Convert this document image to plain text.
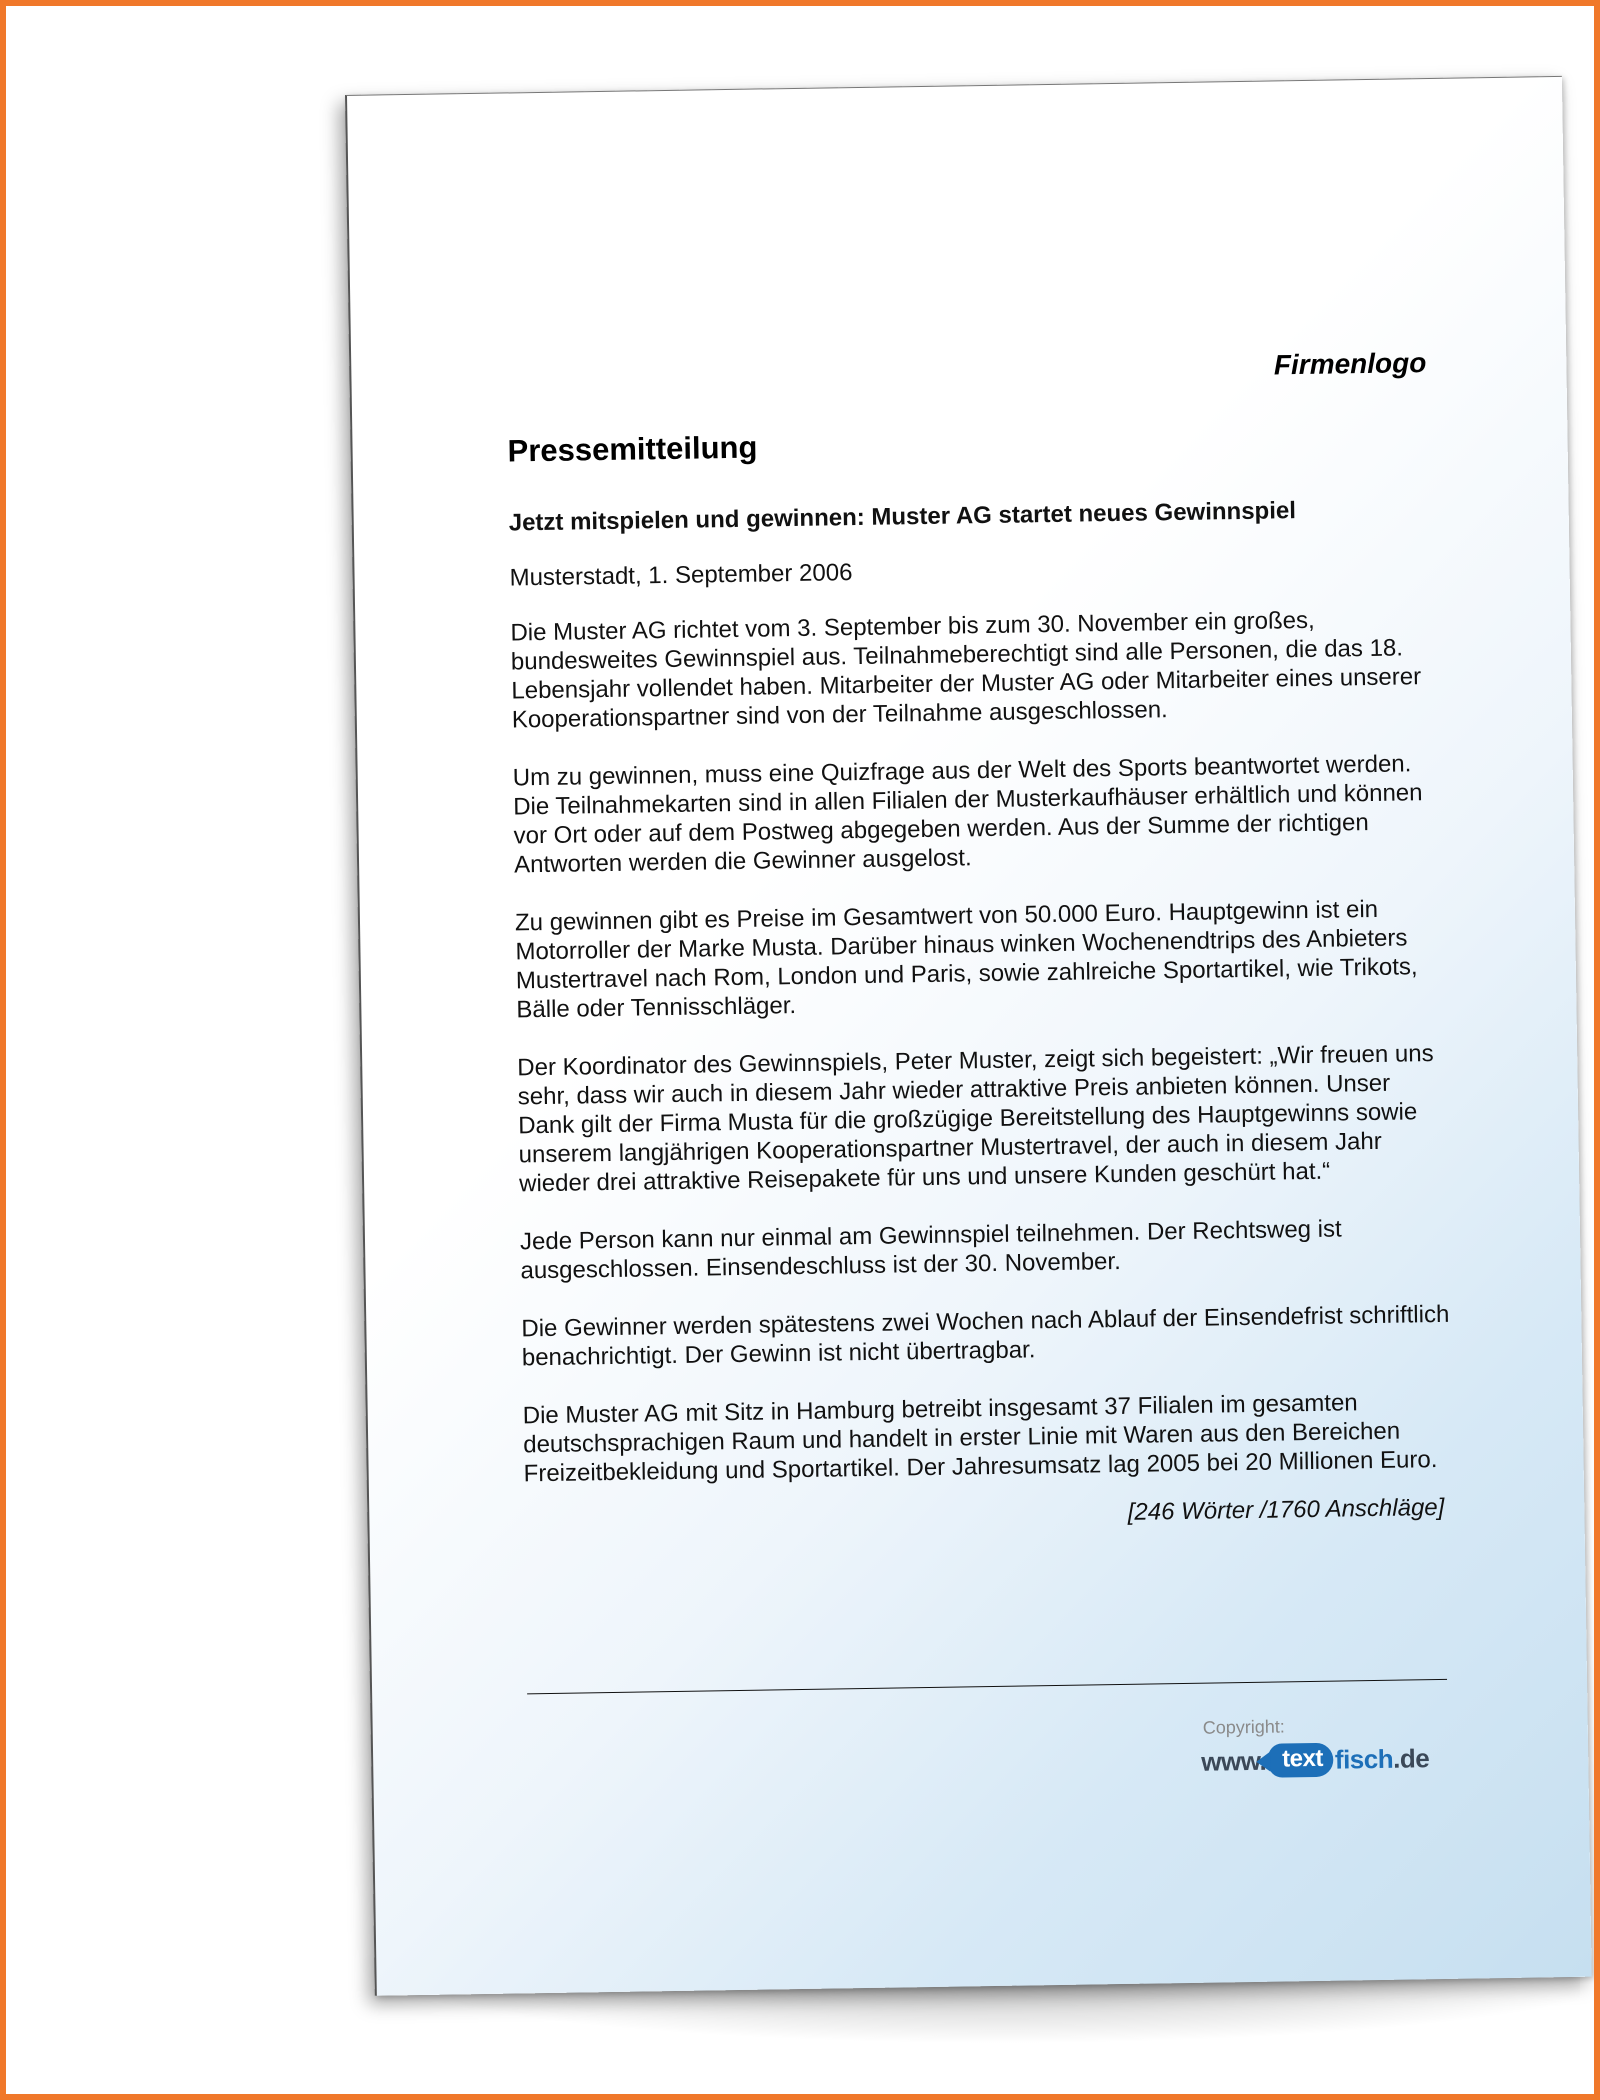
Firmenlogo
Pressemitteilung

Jetzt mitspielen und gewinnen: Muster AG startet neues Gewinnspiel

Musterstadt, 1. September 2006

Die Muster AG richtet vom 3. September bis zum 30. November ein großes, bundesweites Gewinnspiel aus. Teilnahmeberechtigt sind alle Personen, die das 18. Lebensjahr vollendet haben. Mitarbeiter der Muster AG oder Mitarbeiter eines unserer Kooperationspartner sind von der Teilnahme ausgeschlossen.

Um zu gewinnen, muss eine Quizfrage aus der Welt des Sports beantwortet werden. Die Teilnahmekarten sind in allen Filialen der Musterkaufhäuser erhältlich und können vor Ort oder auf dem Postweg abgegeben werden. Aus der Summe der richtigen Antworten werden die Gewinner ausgelost.

Zu gewinnen gibt es Preise im Gesamtwert von 50.000 Euro. Hauptgewinn ist ein Motorroller der Marke Musta. Darüber hinaus winken Wochenendtrips des Anbieters Mustertravel nach Rom, London und Paris, sowie zahlreiche Sportartikel, wie Trikots, Bälle oder Tennisschläger.

Der Koordinator des Gewinnspiels, Peter Muster, zeigt sich begeistert: „Wir freuen uns sehr, dass wir auch in diesem Jahr wieder attraktive Preis anbieten können. Unser Dank gilt der Firma Musta für die großzügige Bereitstellung des Hauptgewinns sowie unserem langjährigen Kooperationspartner Mustertravel, der auch in diesem Jahr wieder drei attraktive Reisepakete für uns und unsere Kunden geschürt hat.“

Jede Person kann nur einmal am Gewinnspiel teilnehmen. Der Rechtsweg ist ausgeschlossen. Einsendeschluss ist der 30. November.

Die Gewinner werden spätestens zwei Wochen nach Ablauf der Einsendefrist schriftlich benachrichtigt. Der Gewinn ist nicht übertragbar.

Die Muster AG mit Sitz in Hamburg betreibt insgesamt 37 Filialen im gesamten deutschsprachigen Raum und handelt in erster Linie mit Waren aus den Bereichen Freizeitbekleidung und Sportartikel. Der Jahresumsatz lag 2005 bei 20 Millionen Euro.

[246 Wörter /1760 Anschläge]
Copyright:
www. text fisch .de
